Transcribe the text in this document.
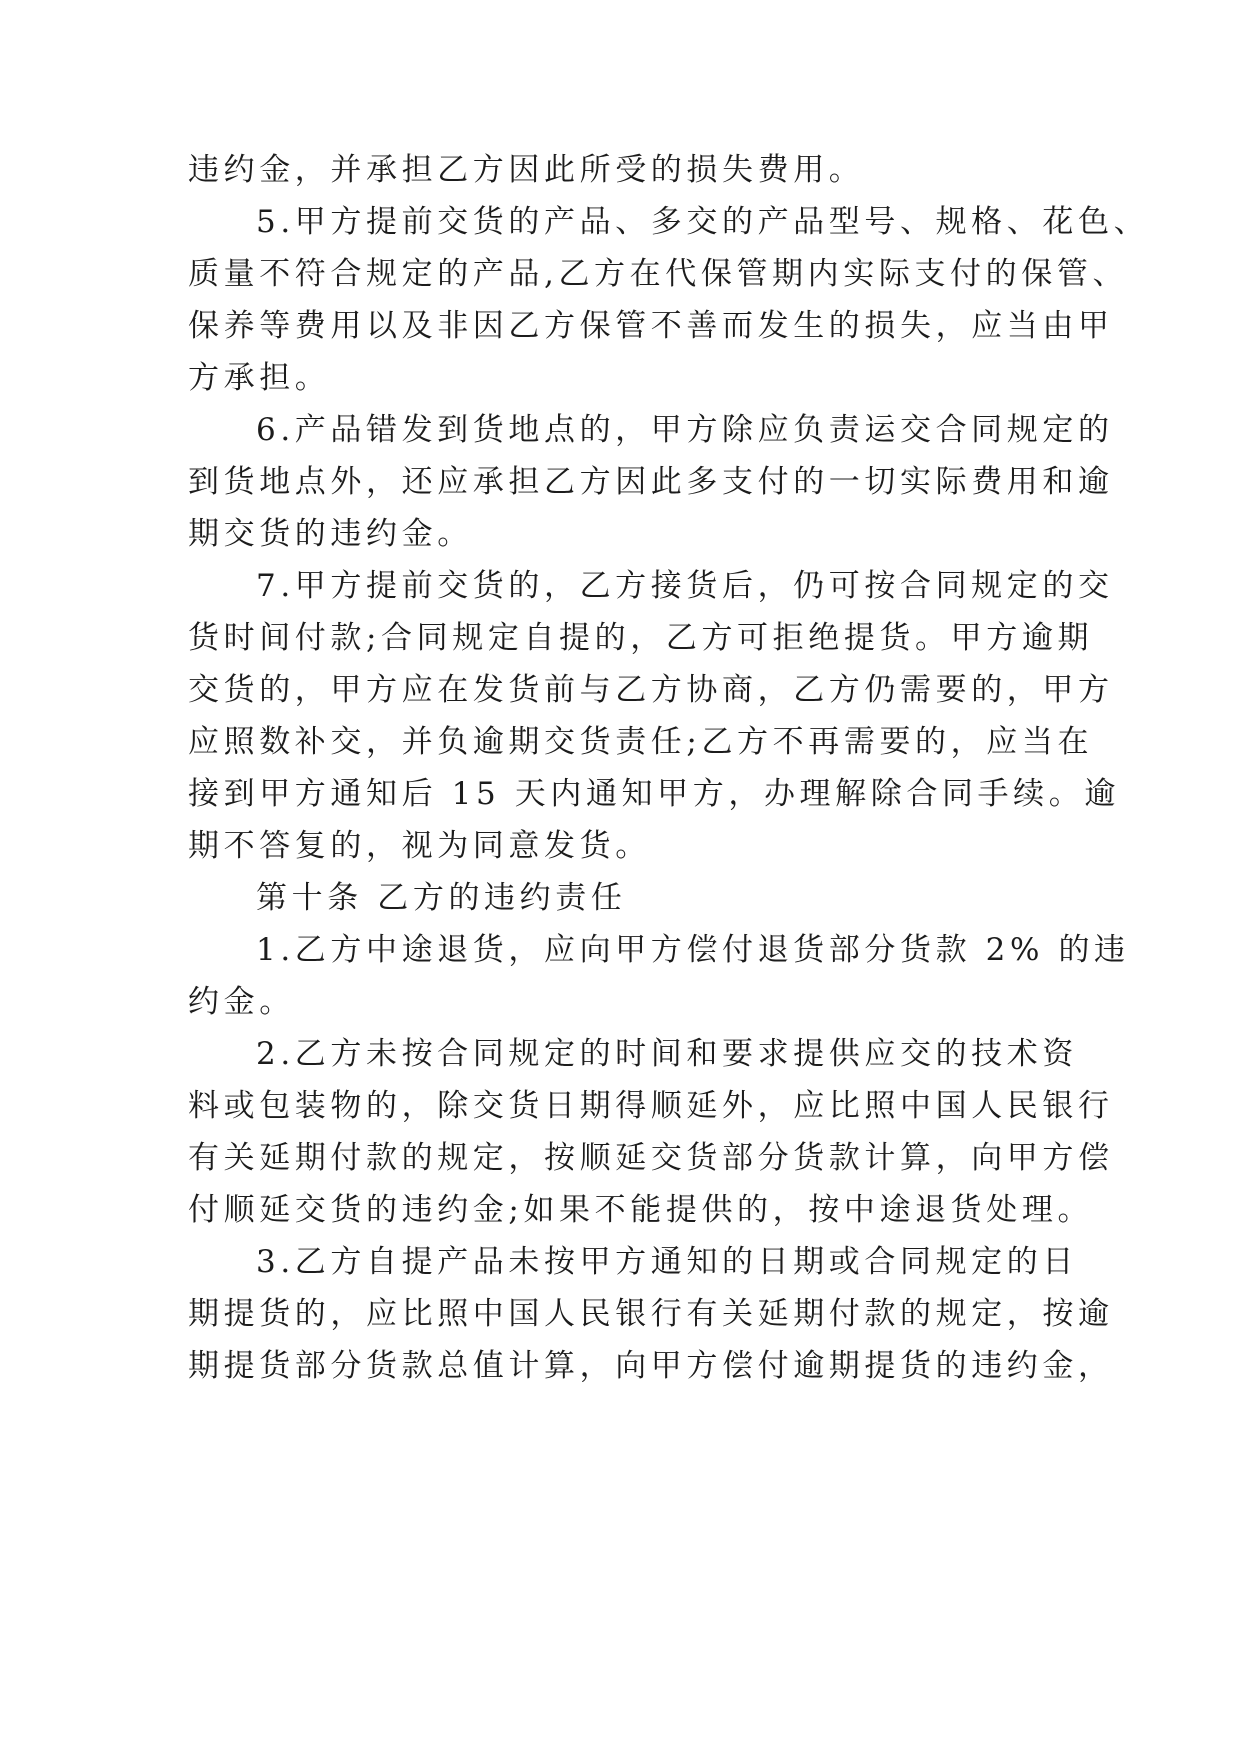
违约金，并承担乙方因此所受的损失费用。
5.甲方提前交货的产品、多交的产品型号、规格、花色、
质量不符合规定的产品,乙方在代保管期内实际支付的保管、
保养等费用以及非因乙方保管不善而发生的损失，应当由甲
方承担。
6.产品错发到货地点的，甲方除应负责运交合同规定的
到货地点外，还应承担乙方因此多支付的一切实际费用和逾
期交货的违约金。
7.甲方提前交货的，乙方接货后，仍可按合同规定的交
货时间付款;合同规定自提的，乙方可拒绝提货。甲方逾期
交货的，甲方应在发货前与乙方协商，乙方仍需要的，甲方
应照数补交，并负逾期交货责任;乙方不再需要的，应当在
接到甲方通知后 15 天内通知甲方，办理解除合同手续。逾
期不答复的，视为同意发货。
第十条 乙方的违约责任
1.乙方中途退货，应向甲方偿付退货部分货款 2% 的违
约金。
2.乙方未按合同规定的时间和要求提供应交的技术资
料或包装物的，除交货日期得顺延外，应比照中国人民银行
有关延期付款的规定，按顺延交货部分货款计算，向甲方偿
付顺延交货的违约金;如果不能提供的，按中途退货处理。
3.乙方自提产品未按甲方通知的日期或合同规定的日
期提货的，应比照中国人民银行有关延期付款的规定，按逾
期提货部分货款总值计算，向甲方偿付逾期提货的违约金，
